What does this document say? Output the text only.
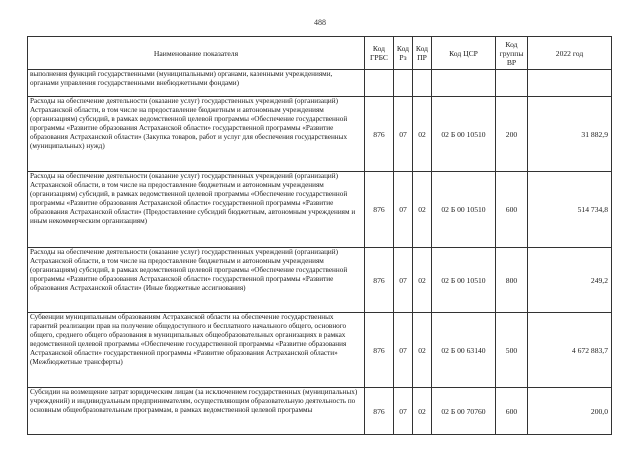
488
Наименование показателя	Код ГРБС	Код Рз	Код ПР	Код ЦСР	Код группы ВР	2022 год
выполнения функций государственными (муниципальными) органами, казенными учреждениями, органами управления государственными внебюджетными фондами)						
Расходы на обеспечение деятельности (оказание услуг) государственных учреждений (организаций) Астраханской области, в том числе на предоставление бюджетным и автономным учреждениям (организациям) субсидий, в рамках ведомственной целевой программы «Обеспечение государственной программы «Развитие образования Астраханской области» государственной программы «Развитие образования Астраханской области» (Закупка товаров, работ и услуг для обеспечения государственных (муниципальных) нужд)	876	07	02	02 Б 00 10510	200	31 882,9
Расходы на обеспечение деятельности (оказание услуг) государственных учреждений (организаций) Астраханской области, в том числе на предоставление бюджетным и автономным учреждениям (организациям) субсидий, в рамках ведомственной целевой программы «Обеспечение государственной программы «Развитие образования Астраханской области» государственной программы «Развитие образования Астраханской области» (Предоставление субсидий бюджетным, автономным учреждениям и иным некоммерческим организациям)	876	07	02	02 Б 00 10510	600	514 734,8
Расходы на обеспечение деятельности (оказание услуг) государственных учреждений (организаций) Астраханской области, в том числе на предоставление бюджетным и автономным учреждениям (организациям) субсидий, в рамках ведомственной целевой программы «Обеспечение государственной программы «Развитие образования Астраханской области» государственной программы «Развитие образования Астраханской области» (Иные бюджетные ассигнования)	876	07	02	02 Б 00 10510	800	249,2
Субвенции муниципальным образованиям Астраханской области на обеспечение государственных гарантий реализации прав на получение общедоступного и бесплатного начального общего, основного общего, среднего общего образования в муниципальных общеобразовательных организациях в рамках ведомственной целевой программы «Обеспечение государственной программы «Развитие образования Астраханской области» государственной программы «Развитие образования Астраханской области» (Межбюджетные трансферты)	876	07	02	02 Б 00 63140	500	4 672 883,7
Субсидии на возмещение затрат юридическим лицам (за исключением государственных (муниципальных) учреждений) и индивидуальным предпринимателям, осуществляющим образовательную деятельность по основным общеобразовательным программам, в рамках ведомственной целевой программы	876	07	02	02 Б 00 70760	600	200,0
